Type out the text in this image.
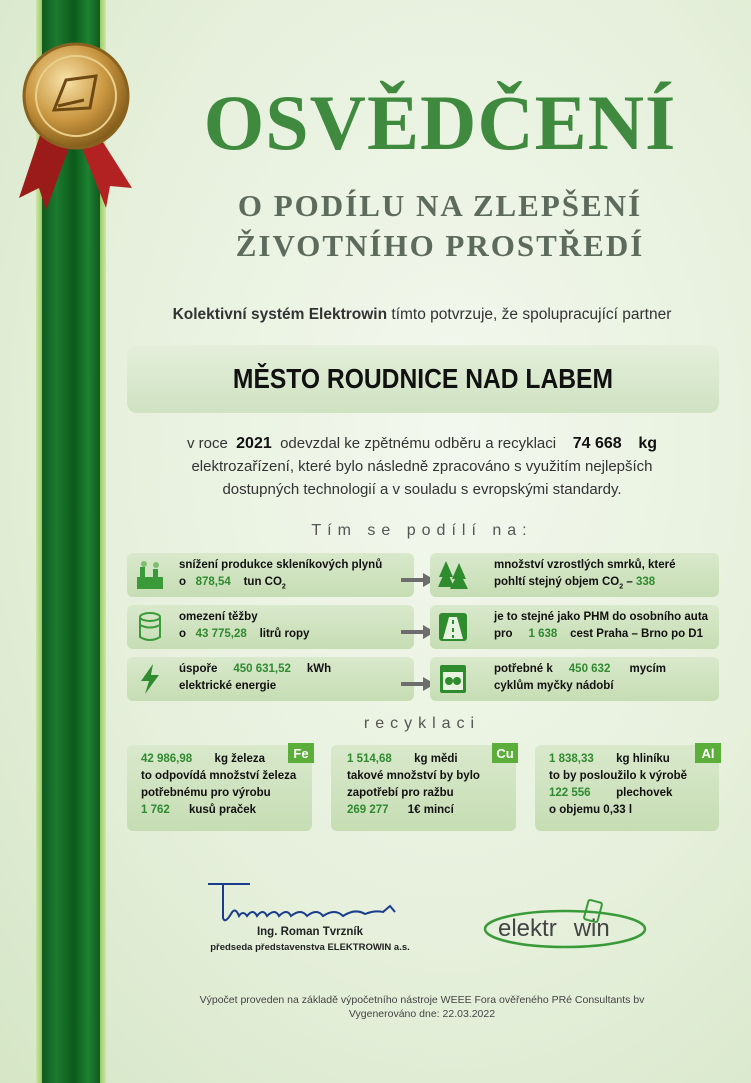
OSVĚDČENÍ
O PODÍLU NA ZLEPŠENÍ
ŽIVOTNÍHO PROSTŘEDÍ
Kolektivní systém Elektrowin tímto potvrzuje, že spolupracující partner
MĚSTO ROUDNICE NAD LABEM
v roce 2021 odevzdal ke zpětnému odběru a recyklaci 74 668 kg
elektrozařízení, které bylo následně zpracováno s využitím nejlepších
dostupných technologií a v souladu s evropskými standardy.
Tím se podílí na:
snížení produkce skleníkových plynů
o 878,54 tun $CO_2$
množství vzrostlých smrků, které
pohltí stejný objem $CO_2 - 338$
omezení těžby
o 43 775,28 litrů ropy
je to stejné jako PHM do osobního auta
pro 1 638 cest Praha – Brno po D1
úspoře 450 631,52 kWh
elektrické energie
potřebné k 450 632 mycím
cyklům myčky nádobí
recyklaci
Fe
42 986,98 kg železa
to odpovídá množství železa
potřebnému pro výrobu
1 762 kusů praček
Cu
1 514,68 kg mědi
takové množství by bylo
zapotřebí pro ražbu
269 277 1€ mincí
Al
1 838,33 kg hliníku
to by posloužilo k výrobě
122 556 plechovek
o objemu 0,33 l
Ing. Roman Tvrzník
předseda představenstva ELEKTROWIN a.s.
elektr win
Výpočet proveden na základě výpočetního nástroje WEEE Fora ověřeného PRé Consultants bv
Vygenerováno dne: 22.03.2022
